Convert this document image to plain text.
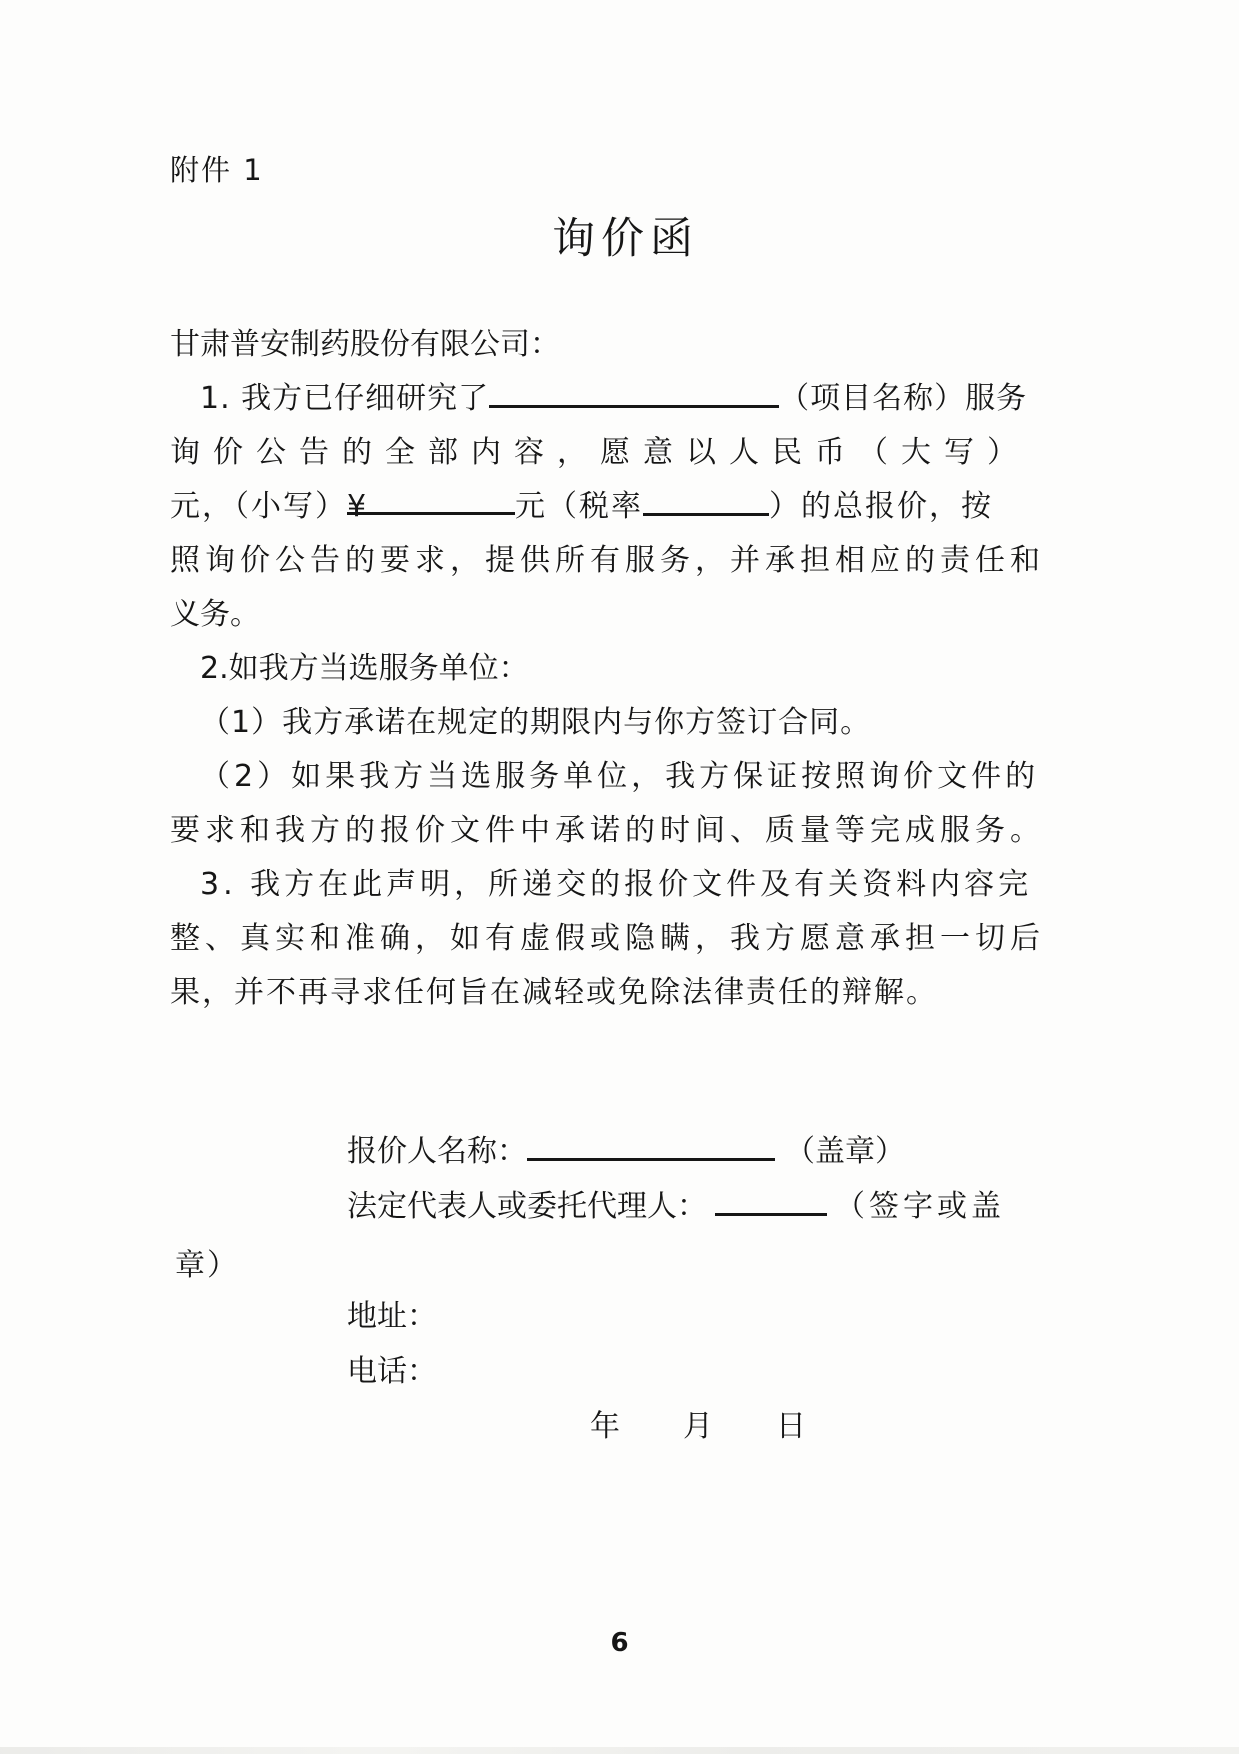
附件 1
询价函
甘肃普安制药股份有限公司：
1. 我方已仔细研究了	（项目名称）服务
询价公告的全部内容，愿意以人民币（大写）
元，（小写）¥	元（税率	）的总报价，按
照询价公告的要求，提供所有服务，并承担相应的责任和
义务。
2.如我方当选服务单位：
（1）我方承诺在规定的期限内与你方签订合同。
（2）如果我方当选服务单位，我方保证按照询价文件的
要求和我方的报价文件中承诺的时间、质量等完成服务。
3. 我方在此声明，所递交的报价文件及有关资料内容完
整、真实和准确，如有虚假或隐瞒，我方愿意承担一切后
果，并不再寻求任何旨在减轻或免除法律责任的辩解。
报价人名称：	（盖章）
法定代表人或委托代理人：	（签字或盖
地址：
电话：
年　　月　　日
章）
6
